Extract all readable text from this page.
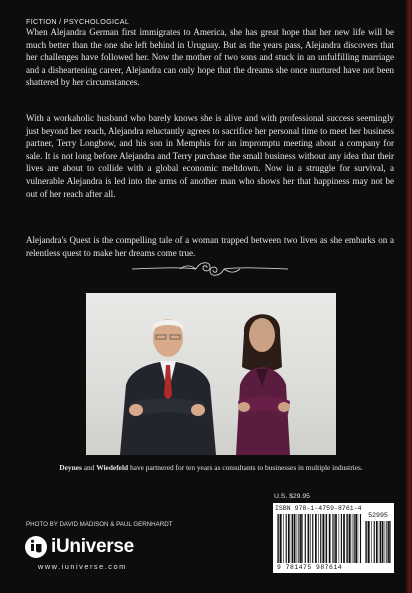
FICTION / PSYCHOLOGICAL

When Alejandra German first immigrates to America, she has great hope that her new life will be much better than the one she left behind in Uruguay. But as the years pass, Alejandra discovers that her challenges have followed her. Now the mother of two sons and stuck in an unfulfilling marriage and a disheartening career, Alejandra can only hope that the dreams she once nurtured have not been shattered by her circumstances.

With a workaholic husband who barely knows she is alive and with professional success seemingly just beyond her reach, Alejandra reluctantly agrees to sacrifice her personal time to meet her business partner, Terry Longbow, and his son in Memphis for an impromptu meeting about a company for sale. It is not long before Alejandra and Terry purchase the small business without any idea that their lives are about to collide with a global economic meltdown. Now in a struggle for survival, a vulnerable Alejandra is led into the arms of another man who shows her that happiness may not be out of her reach after all.

Alejandra's Quest is the compelling tale of a woman trapped between two lives as she embarks on a relentless quest to make her dreams come true.

Deynes and Wiedefeld have partnered for ten years as consultants to businesses in multiple industries.
U.S. $29.95
ISBN 978-1-4759-8761-4
52995
9 781475 987614
PHOTO BY DAVID MADISON & PAUL GERNHARDT
iUniverse
www.iuniverse.com
